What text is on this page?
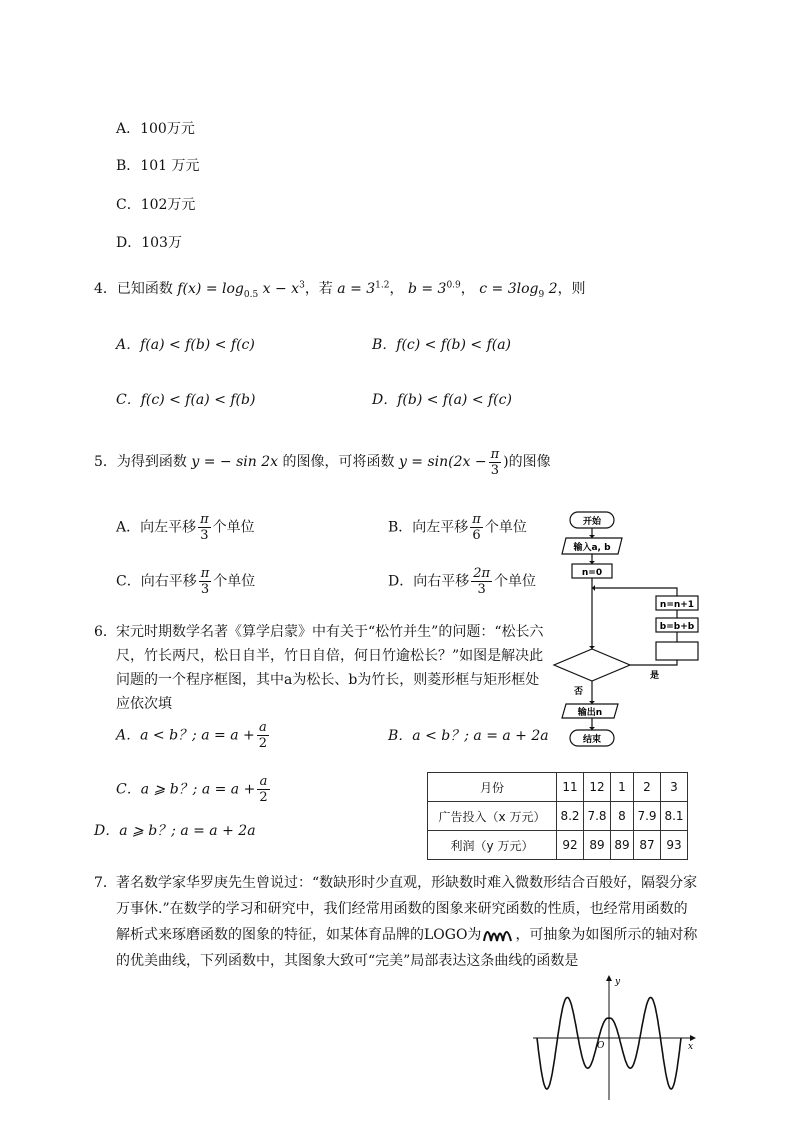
A．100万元
B．101 万元
C．102万元
D．103万
4．已知函数 $f(x) = \log_{0.5} x - x^3$，若 $a = 3^{1.2}$， $b = 3^{0.9}$， $c = 3\log_9$ 2，则
A．f(a) < f(b) < f(c)	B．f(c) < f(b) < f(a)
C．f(c) < f(a) < f(b)	D．f(b) < f(a) < f(c)
5．为得到函数 y = − sin 2x 的图像，可将函数 $y = \sin(2x - \frac{\pi}{3}$ )的图像
A．向左平移 $\frac{\pi}{3}$ 个单位	B．向左平移 $\frac{\pi}{6}$ 个单位
C．向右平移 $\frac{\pi}{3}$ 个单位	D．向右平移 $\frac{2\pi}{3}$ 个单位
6． 宋元时期数学名著《算学启蒙》中有关于“松竹并生”的问题：“松长六尺，竹长两尺，松日自半，竹日自倍，何日竹逾松长？”如图是解决此问题的一个程序框图，其中a为松长、b为竹长，则菱形框与矩形框处应依次填
A．a < b？; $a = a + \frac{a}{2}$	B．a < b？; a = a + 2a
C．a ⩾ b？; $a = a + \frac{a}{2}$
D．a ⩾ b？; a = a + 2a
开始
输入a, b
n=0
n=n+1
b=b+b
否
是
输出n
结束
月份	11	12	1	2	3
广告投入（x 万元）	8.2	7.8	8	7.9	8.1
利润（y 万元）	92	89	89	87	93
7． 著名数学家华罗庚先生曾说过：“数缺形时少直观，形缺数时难入微数形结合百般好，隔裂分家万事休.”在数学的学习和研究中，我们经常用函数的图象来研究函数的性质，也经常用函数的解析式来琢磨函数的图象的特征，如某体育品牌的LOGO为 ，可抽象为如图所示的轴对称的优美曲线，下列函数中，其图象大致可“完美”局部表达这条曲线的函数是
y
x
O
